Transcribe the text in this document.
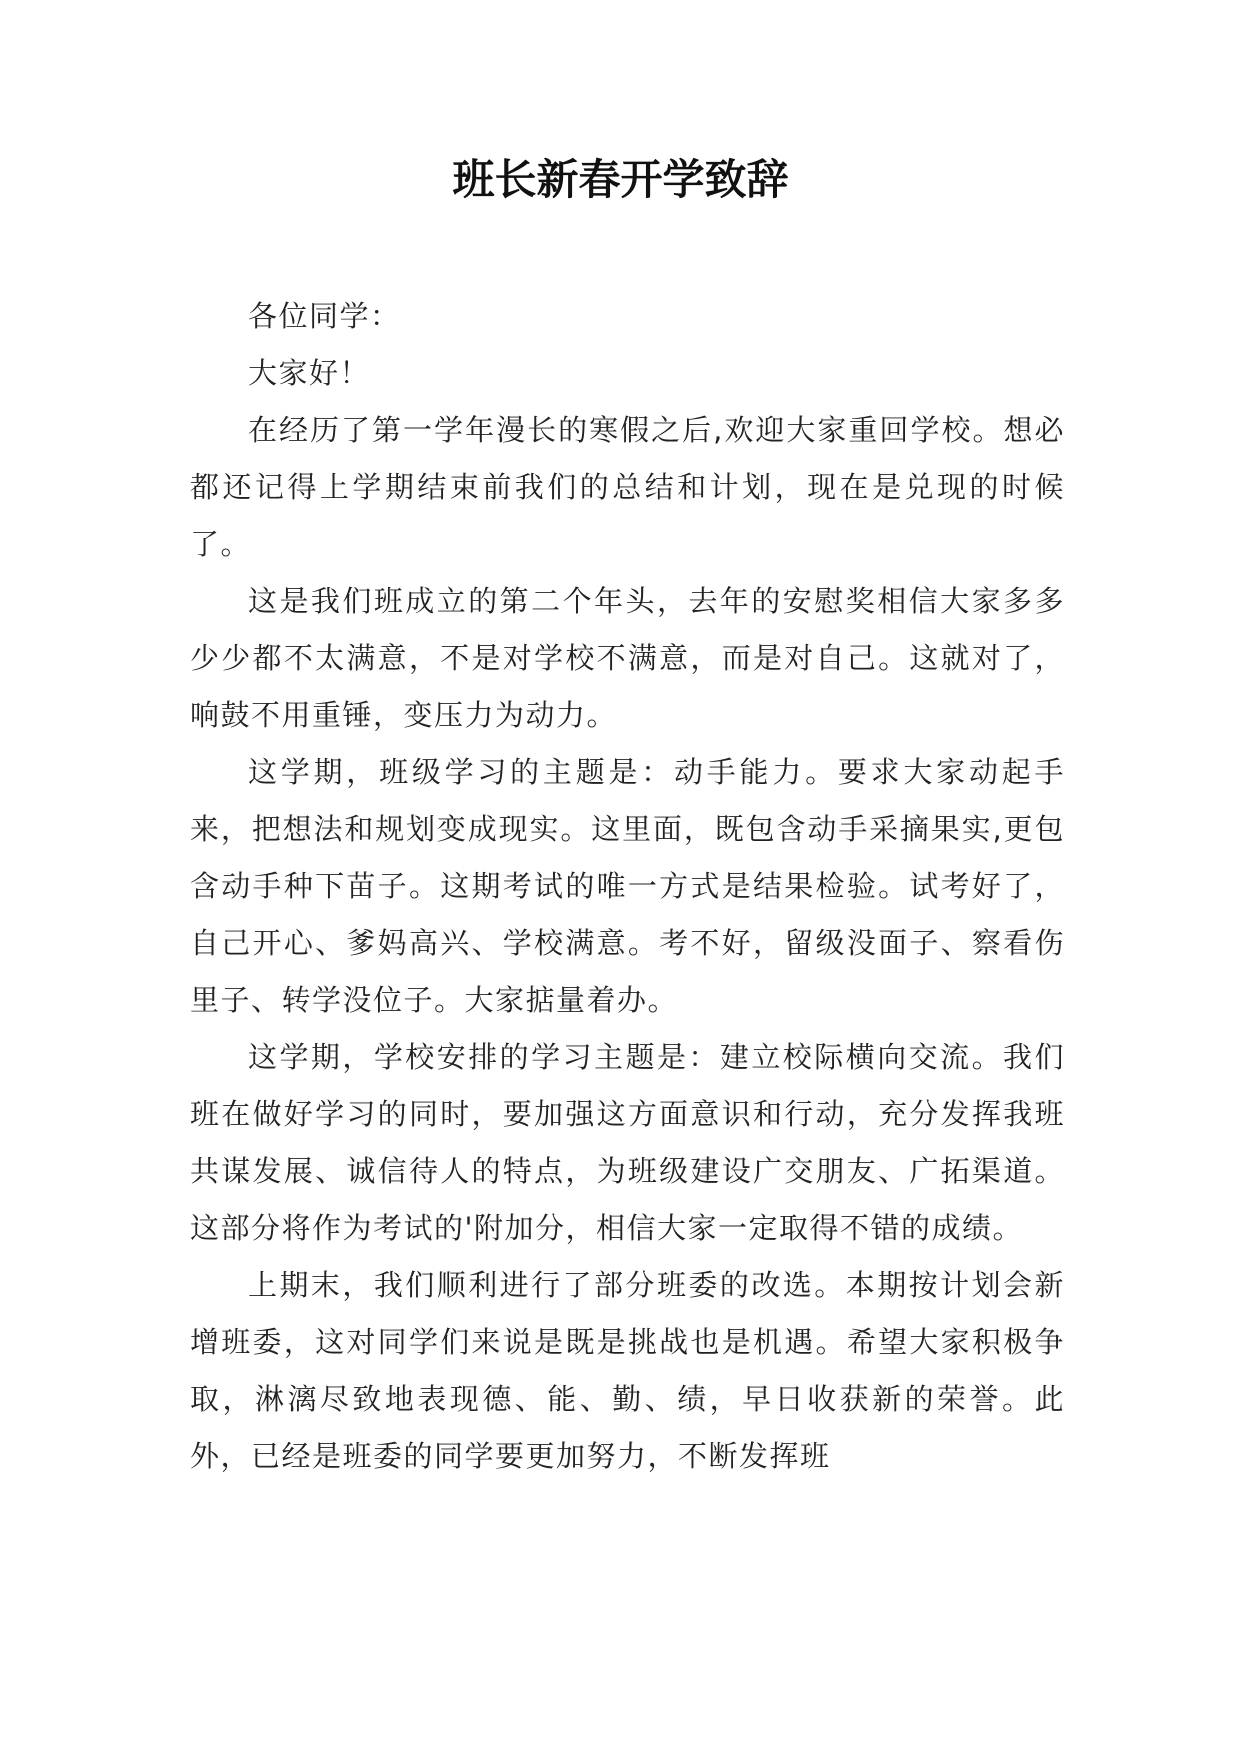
班长新春开学致辞

各位同学：

大家好！

在经历了第一学年漫长的寒假之后,欢迎大家重回学校。想必都还记得上学期结束前我们的总结和计划，现在是兑现的时候了。

这是我们班成立的第二个年头，去年的安慰奖相信大家多多少少都不太满意，不是对学校不满意，而是对自己。这就对了，响鼓不用重锤，变压力为动力。

这学期，班级学习的主题是：动手能力。要求大家动起手来，把想法和规划变成现实。这里面，既包含动手采摘果实,更包含动手种下苗子。这期考试的唯一方式是结果检验。试考好了，自己开心、爹妈高兴、学校满意。考不好，留级没面子、察看伤里子、转学没位子。大家掂量着办。

这学期，学校安排的学习主题是：建立校际横向交流。我们班在做好学习的同时，要加强这方面意识和行动，充分发挥我班共谋发展、诚信待人的特点，为班级建设广交朋友、广拓渠道。这部分将作为考试的'附加分，相信大家一定取得不错的成绩。

上期末，我们顺利进行了部分班委的改选。本期按计划会新增班委，这对同学们来说是既是挑战也是机遇。希望大家积极争取，淋漓尽致地表现德、能、勤、绩，早日收获新的荣誉。此外，已经是班委的同学要更加努力，不断发挥班
